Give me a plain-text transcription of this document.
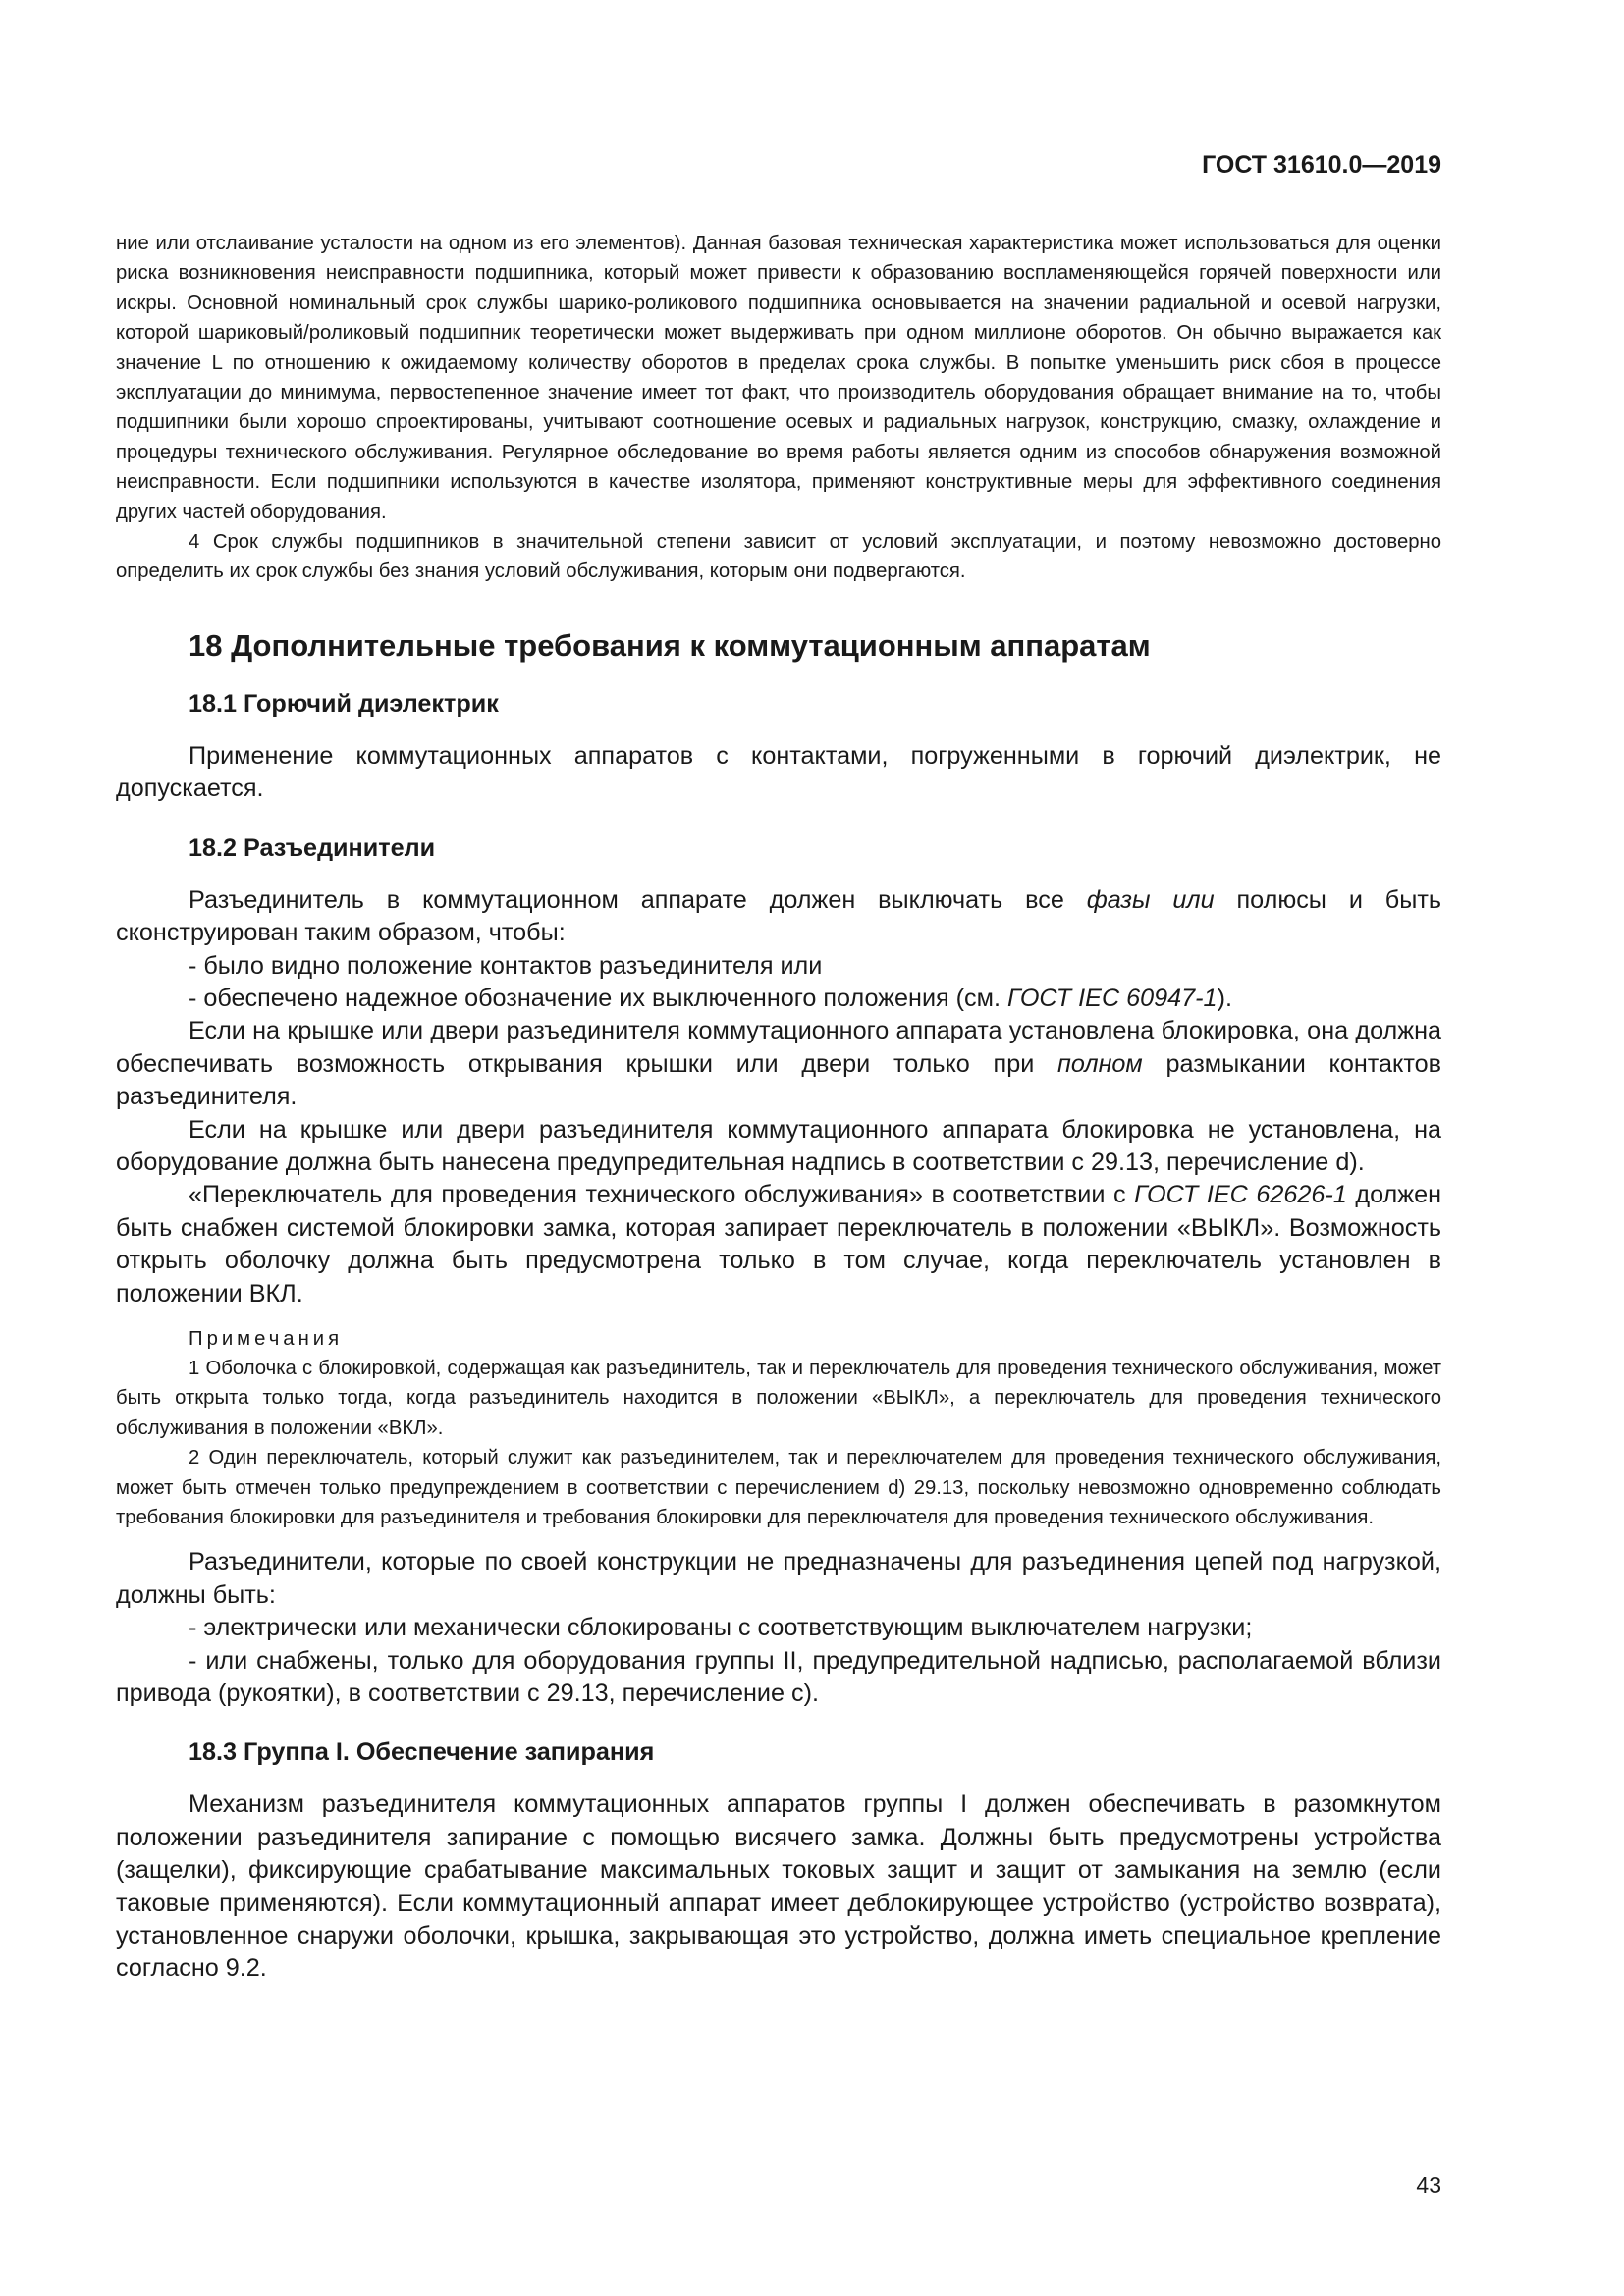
ГОСТ 31610.0—2019

ние или отслаивание усталости на одном из его элементов). Данная базовая техническая характеристика может использоваться для оценки риска возникновения неисправности подшипника, который может привести к образованию воспламеняющейся горячей поверхности или искры. Основной номинальный срок службы шарико-роликового подшипника основывается на значении радиальной и осевой нагрузки, которой шариковый/роликовый подшипник теоретически может выдерживать при одном миллионе оборотов. Он обычно выражается как значение L по отношению к ожидаемому количеству оборотов в пределах срока службы. В попытке уменьшить риск сбоя в процессе эксплуатации до минимума, первостепенное значение имеет тот факт, что производитель оборудования обращает внимание на то, чтобы подшипники были хорошо спроектированы, учитывают соотношение осевых и радиальных нагрузок, конструкцию, смазку, охлаждение и процедуры технического обслуживания. Регулярное обследование во время работы является одним из способов обнаружения возможной неисправности. Если подшипники используются в качестве изолятора, применяют конструктивные меры для эффективного соединения других частей оборудования.

4 Срок службы подшипников в значительной степени зависит от условий эксплуатации, и поэтому невозможно достоверно определить их срок службы без знания условий обслуживания, которым они подвергаются.

18 Дополнительные требования к коммутационным аппаратам
18.1 Горючий диэлектрик

Применение коммутационных аппаратов с контактами, погруженными в горючий диэлектрик, не допускается.

18.2 Разъединители

Разъединитель в коммутационном аппарате должен выключать все фазы или полюсы и быть сконструирован таким образом, чтобы:

- было видно положение контактов разъединителя или

- обеспечено надежное обозначение их выключенного положения (см. ГОСТ IEC 60947-1).

Если на крышке или двери разъединителя коммутационного аппарата установлена блокировка, она должна обеспечивать возможность открывания крышки или двери только при полном размыкании контактов разъединителя.

Если на крышке или двери разъединителя коммутационного аппарата блокировка не установлена, на оборудование должна быть нанесена предупредительная надпись в соответствии с 29.13, перечисление d).

«Переключатель для проведения технического обслуживания» в соответствии с ГОСТ IEC 62626-1 должен быть снабжен системой блокировки замка, которая запирает переключатель в положении «ВЫКЛ». Возможность открыть оболочку должна быть предусмотрена только в том случае, когда переключатель установлен в положении ВКЛ.

Примечания

1 Оболочка с блокировкой, содержащая как разъединитель, так и переключатель для проведения технического обслуживания, может быть открыта только тогда, когда разъединитель находится в положении «ВЫКЛ», а переключатель для проведения технического обслуживания в положении «ВКЛ».

2 Один переключатель, который служит как разъединителем, так и переключателем для проведения технического обслуживания, может быть отмечен только предупреждением в соответствии с перечислением d) 29.13, поскольку невозможно одновременно соблюдать требования блокировки для разъединителя и требования блокировки для переключателя для проведения технического обслуживания.

Разъединители, которые по своей конструкции не предназначены для разъединения цепей под нагрузкой, должны быть:

- электрически или механически сблокированы с соответствующим выключателем нагрузки;

- или снабжены, только для оборудования группы II, предупредительной надписью, располагаемой вблизи привода (рукоятки), в соответствии с 29.13, перечисление с).

18.3 Группа I. Обеспечение запирания

Механизм разъединителя коммутационных аппаратов группы I должен обеспечивать в разомкнутом положении разъединителя запирание с помощью висячего замка. Должны быть предусмотрены устройства (защелки), фиксирующие срабатывание максимальных токовых защит и защит от замыкания на землю (если таковые применяются). Если коммутационный аппарат имеет деблокирующее устройство (устройство возврата), установленное снаружи оболочки, крышка, закрывающая это устройство, должна иметь специальное крепление согласно 9.2.

43
